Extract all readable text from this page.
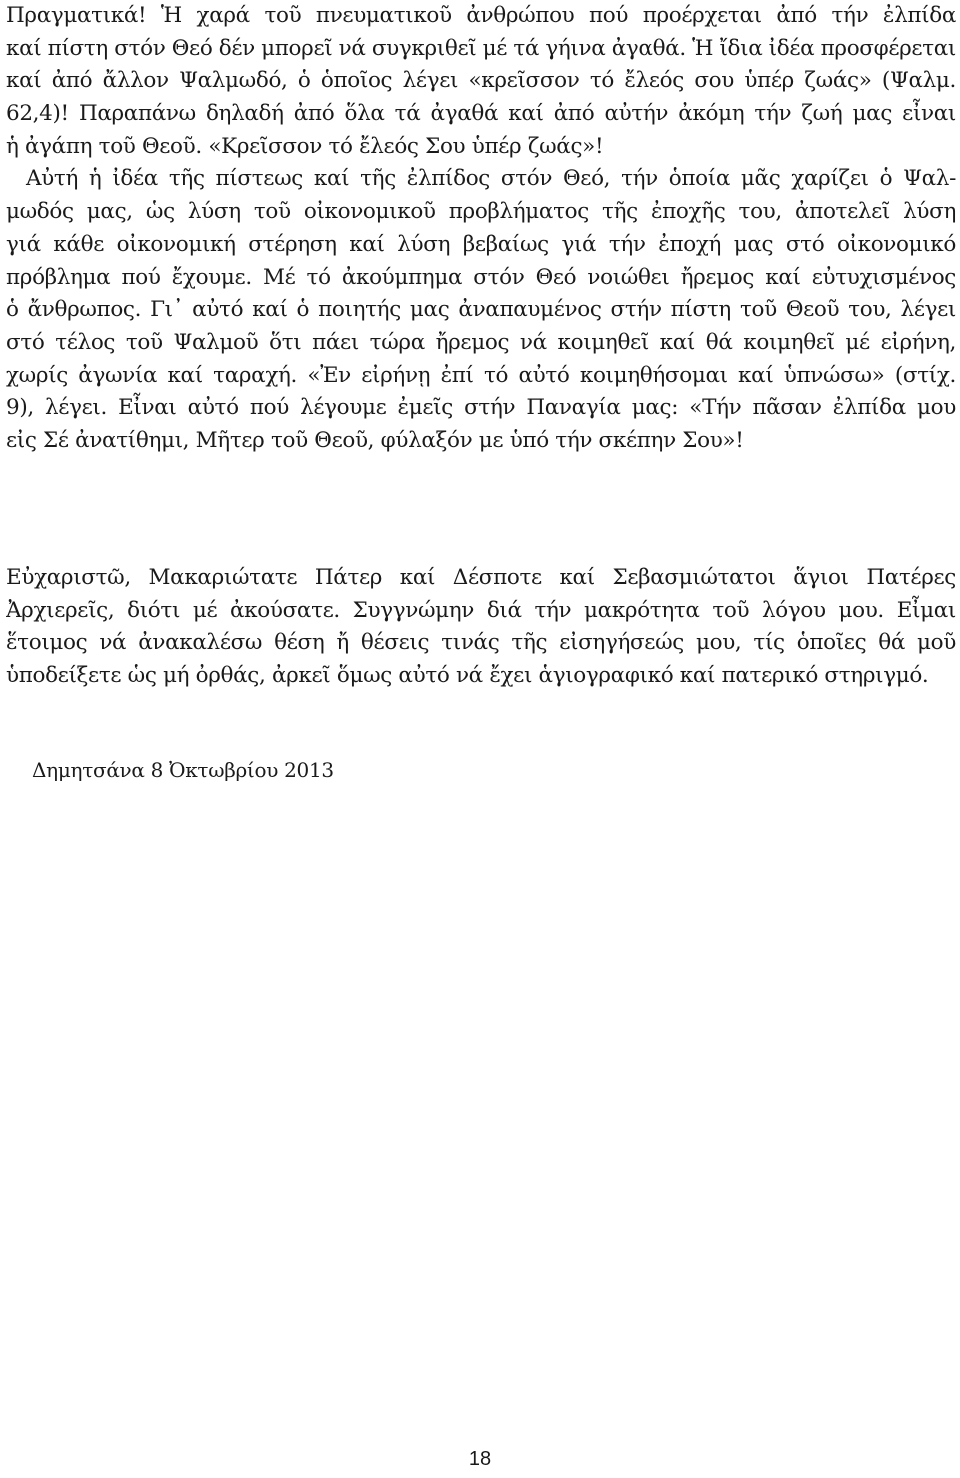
Πραγματικά! Ἡ χαρά τοῦ πνευματικοῦ ἀνθρώπου πού προέρχεται ἀπό τήν ἐλπίδα
καί πίστη στόν Θεό δέν μπορεῖ νά συγκριθεῖ μέ τά γήινα ἀγαθά. Ἡ ἴδια ἰδέα προσφέρεται
καί ἀπό ἄλλον Ψαλμωδό, ὁ ὁποῖος λέγει «κρεῖσσον τό ἔλεός σου ὑπέρ ζωάς» (Ψαλμ.
62,4)! Παραπάνω δηλαδή ἀπό ὅλα τά ἀγαθά καί ἀπό αὐτήν ἀκόμη τήν ζωή μας εἶναι
ἡ ἀγάπη τοῦ Θεοῦ. «Κρεῖσσον τό ἔλεός Σου ὑπέρ ζωάς»!
Αὐτή ἡ ἰδέα τῆς πίστεως καί τῆς ἐλπίδος στόν Θεό, τήν ὁποία μᾶς χαρίζει ὁ Ψαλ-
μωδός μας, ὡς λύση τοῦ οἰκονομικοῦ προβλήματος τῆς ἐποχῆς του, ἀποτελεῖ λύση
γιά κάθε οἰκονομική στέρηση καί λύση βεβαίως γιά τήν ἐποχή μας στό οἰκονομικό
πρόβλημα πού ἔχουμε. Μέ τό ἀκούμπημα στόν Θεό νοιώθει ἤρεμος καί εὐτυχισμένος
ὁ ἄνθρωπος. Γι᾽ αὐτό καί ὁ ποιητής μας ἀναπαυμένος στήν πίστη τοῦ Θεοῦ του, λέγει
στό τέλος τοῦ Ψαλμοῦ ὅτι πάει τώρα ἤρεμος νά κοιμηθεῖ καί θά κοιμηθεῖ μέ εἰρήνη,
χωρίς ἀγωνία καί ταραχή. «Ἐν εἰρήνῃ ἐπί τό αὐτό κοιμηθήσομαι καί ὑπνώσω» (στίχ.
9), λέγει. Εἶναι αὐτό πού λέγουμε ἐμεῖς στήν Παναγία μας: «Τήν πᾶσαν ἐλπίδα μου
εἰς Σέ ἀνατίθημι, Μῆτερ τοῦ Θεοῦ, φύλαξόν με ὑπό τήν σκέπην Σου»!
Εὐχαριστῶ, Μακαριώτατε Πάτερ καί Δέσποτε καί Σεβασμιώτατοι ἅγιοι Πατέρες
Ἀρχιερεῖς, διότι μέ ἀκούσατε. Συγγνώμην διά τήν μακρότητα τοῦ λόγου μου. Εἶμαι
ἕτοιμος νά ἀνακαλέσω θέση ἤ θέσεις τινάς τῆς εἰσηγήσεώς μου, τίς ὁποῖες θά μοῦ
ὑποδείξετε ὡς μή ὀρθάς, ἀρκεῖ ὅμως αὐτό νά ἔχει ἁγιογραφικό καί πατερικό στηριγμό.
Δημητσάνα 8 Ὀκτωβρίου 2013
18
